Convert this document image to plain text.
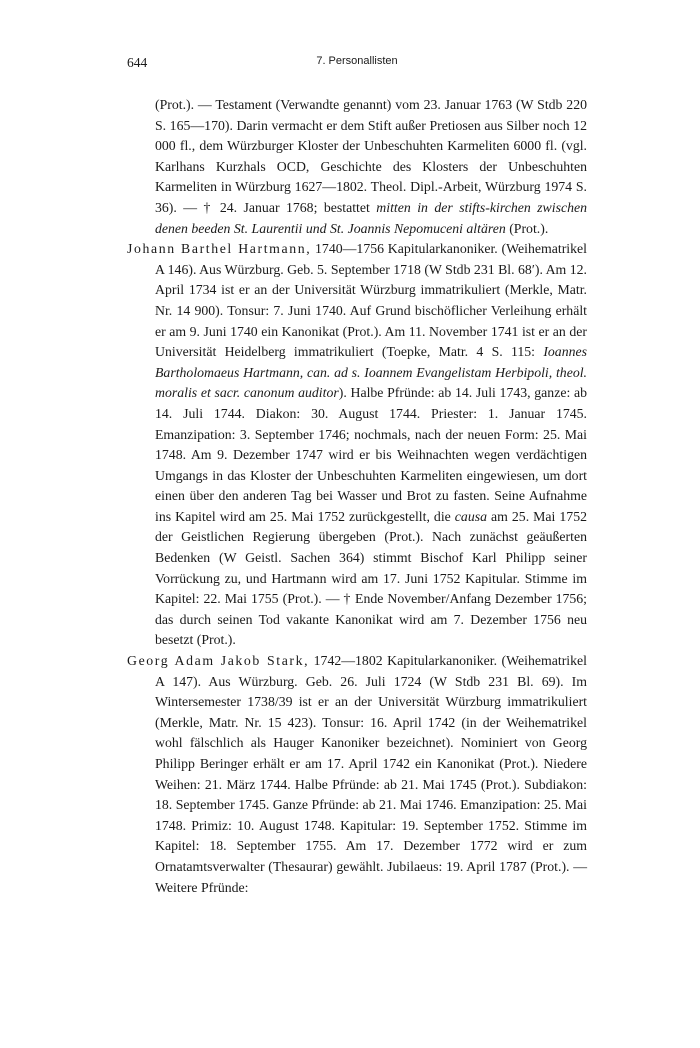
644	7. Personallisten

(Prot.). — Testament (Verwandte genannt) vom 23. Januar 1763 (W Stdb 220 S. 165—170). Darin vermacht er dem Stift außer Pretiosen aus Silber noch 12 000 fl., dem Würzburger Kloster der Unbeschuhten Karmeliten 6000 fl. (vgl. Karlhans Kurzhals OCD, Geschichte des Klosters der Unbeschuhten Karmeliten in Würzburg 1627—1802. Theol. Dipl.-Arbeit, Würzburg 1974 S. 36). — † 24. Januar 1768; bestattet mitten in der stifts-kirchen zwischen denen beeden St. Laurentii und St. Joannis Nepomuceni altären (Prot.).

Johann Barthel Hartmann, 1740—1756 Kapitularkanoniker. (Weihematrikel A 146). Aus Würzburg. Geb. 5. September 1718 (W Stdb 231 Bl. 68′). Am 12. April 1734 ist er an der Universität Würzburg immatrikuliert (Merkle, Matr. Nr. 14 900). Tonsur: 7. Juni 1740. Auf Grund bischöflicher Verleihung erhält er am 9. Juni 1740 ein Kanonikat (Prot.). Am 11. November 1741 ist er an der Universität Heidelberg immatrikuliert (Toepke, Matr. 4 S. 115: Ioannes Bartholomaeus Hartmann, can. ad s. Ioannem Evangelistam Herbipoli, theol. moralis et sacr. canonum auditor). Halbe Pfründe: ab 14. Juli 1743, ganze: ab 14. Juli 1744. Diakon: 30. August 1744. Priester: 1. Januar 1745. Emanzipation: 3. September 1746; nochmals, nach der neuen Form: 25. Mai 1748. Am 9. Dezember 1747 wird er bis Weihnachten wegen verdächtigen Umgangs in das Kloster der Unbeschuhten Karmeliten eingewiesen, um dort einen über den anderen Tag bei Wasser und Brot zu fasten. Seine Aufnahme ins Kapitel wird am 25. Mai 1752 zurückgestellt, die causa am 25. Mai 1752 der Geistlichen Regierung übergeben (Prot.). Nach zunächst geäußerten Bedenken (W Geistl. Sachen 364) stimmt Bischof Karl Philipp seiner Vorrückung zu, und Hartmann wird am 17. Juni 1752 Kapitular. Stimme im Kapitel: 22. Mai 1755 (Prot.). — † Ende November/Anfang Dezember 1756; das durch seinen Tod vakante Kanonikat wird am 7. Dezember 1756 neu besetzt (Prot.).

Georg Adam Jakob Stark, 1742—1802 Kapitularkanoniker. (Weihematrikel A 147). Aus Würzburg. Geb. 26. Juli 1724 (W Stdb 231 Bl. 69). Im Wintersemester 1738/39 ist er an der Universität Würzburg immatrikuliert (Merkle, Matr. Nr. 15 423). Tonsur: 16. April 1742 (in der Weihematrikel wohl fälschlich als Hauger Kanoniker bezeichnet). Nominiert von Georg Philipp Beringer erhält er am 17. April 1742 ein Kanonikat (Prot.). Niedere Weihen: 21. März 1744. Halbe Pfründe: ab 21. Mai 1745 (Prot.). Subdiakon: 18. September 1745. Ganze Pfründe: ab 21. Mai 1746. Emanzipation: 25. Mai 1748. Primiz: 10. August 1748. Kapitular: 19. September 1752. Stimme im Kapitel: 18. September 1755. Am 17. Dezember 1772 wird er zum Ornatamtsverwalter (Thesaurar) gewählt. Jubilaeus: 19. April 1787 (Prot.). — Weitere Pfründe:
